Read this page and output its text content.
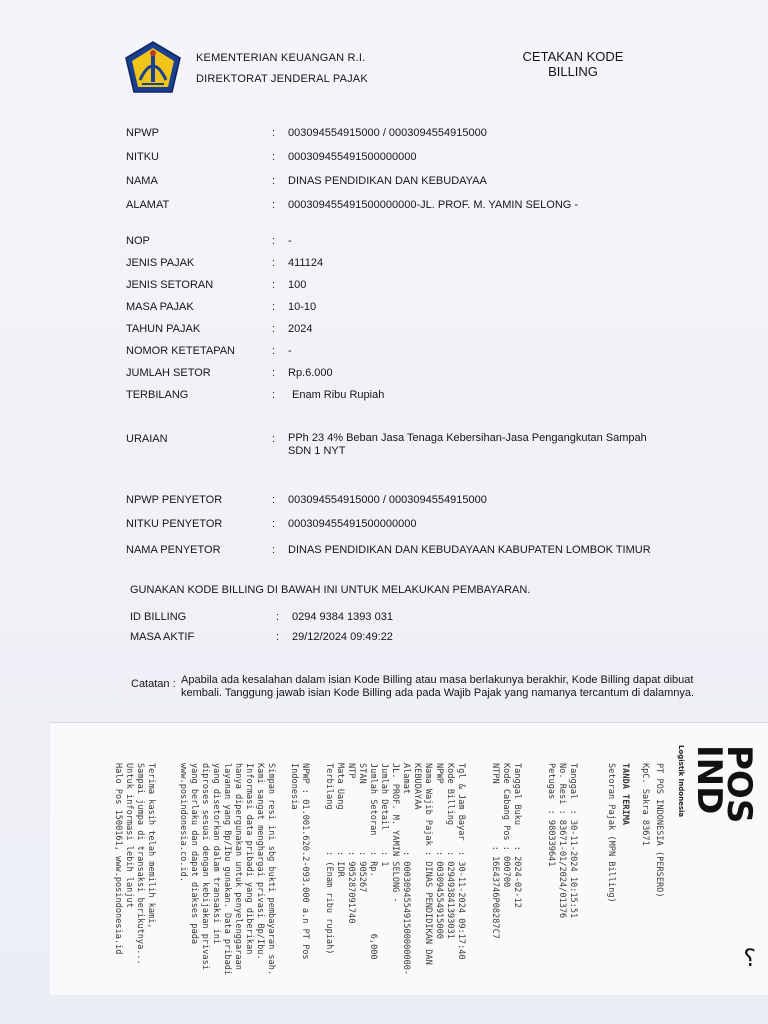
KEMENTERIAN KEUANGAN R.I.
DIREKTORAT JENDERAL PAJAK
CETAKAN KODE
BILLING
NPWP	: 003094554915000 / 0003094554915000
NITKU	: 000309455491500000000
NAMA	: DINAS PENDIDIKAN DAN KEBUDAYAA
ALAMAT	: 000309455491500000000-JL. PROF. M. YAMIN SELONG -
NOP	: -
JENIS PAJAK	: 411124
JENIS SETORAN	: 100
MASA PAJAK	: 10-10
TAHUN PAJAK	: 2024
NOMOR KETETAPAN	: -
JUMLAH SETOR	: Rp.6.000
TERBILANG	: Enam Ribu Rupiah
URAIAN	: PPh 23 4% Beban Jasa Tenaga Kebersihan-Jasa Pengangkutan Sampah
SDN 1 NYT
NPWP PENYETOR	: 003094554915000 / 0003094554915000
NITKU PENYETOR	: 000309455491500000000
NAMA PENYETOR	: DINAS PENDIDIKAN DAN KEBUDAYAAN KABUPATEN LOMBOK TIMUR
GUNAKAN KODE BILLING DI BAWAH INI UNTUK MELAKUKAN PEMBAYARAN.
ID BILLING	: 0294 9384 1393 031
MASA AKTIF	: 29/12/2024 09:49:22
Catatan : Apabila ada kesalahan dalam isian Kode Billing atau masa berlakunya berakhir, Kode Billing dapat dibuat kembali. Tanggung jawab isian Kode Billing ada pada Wajib Pajak yang namanya tercantum di dalamnya.
POS
IND
Logistik Indonesia
PT POS INDONESIA (PERSERO)
KpC. Sakra 83671
TANDA TERIMA
Setoran Pajak (MPN Billing)
Tanggal  : 30-11-2024 10:15:51
No. Resi : 83671-01/2024/01376
Petugas  : 980339641
Tanggal Buku    : 2024-02-12
Kode Cabang Pos : 000700
NTPN            : 16E43746P08287C7
Tgl & Jam Bayar  : 30-11-2024 09:17:40
Kode Billing     : 029493841393031
NPWP             : 003094554915000
Nama Wajib Pajak : DINAS PENDIDIKAN DAN
KEBUDAYAA
Alamat           : 000309455491500000000-
JL. PROF. M. YAMIN SELONG -
Jumlah Detail    : 1
Jumlah Setoran   : Rp.           6,000
STAN             : 905267
NTP              : 905287091740
Mata Uang        : IDR
Terbilang        : (Enam ribu rupiah)
NPWP : 01.001.620.2-093.000 a.n PT Pos
Indonesia
Simpan resi ini sbg bukti pembayaran sah.
Kami sangat menghargai privasi Bp/Ibu.
Informasi data pribadi yang diberikan
hanya dipergunakan untuk penyelenggaraan
layanan yang Bp/Ibu gunakan. Data pribadi
yang disetorkan dalam transaksi ini
diproses sesuai dengan kebijakan privasi
yang berlaku dan dapat diakses pada
www.posindonesia.co.id.
Terima kasih telah memilih kami,
Sampai jumpa di transaksi berikutnya...
Untuk informasi lebih lanjut
Halo Pos 1500161, www.posindonesia.id
⸮
